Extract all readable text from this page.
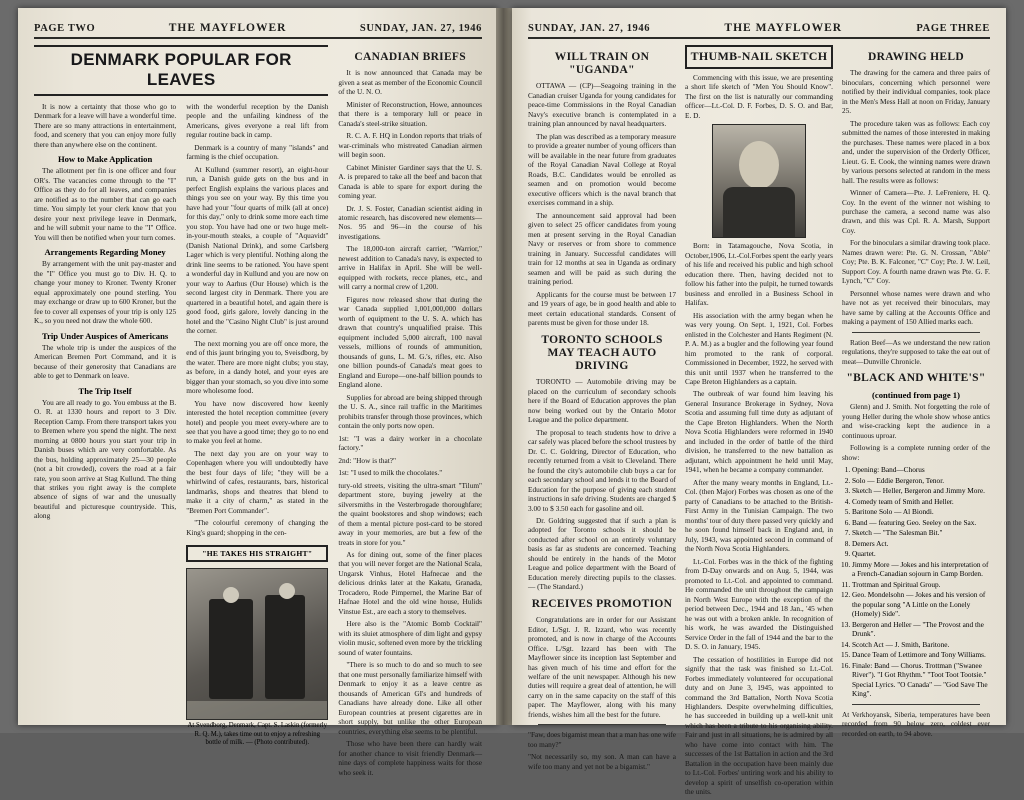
PAGE TWO	THE MAYFLOWER	SUNDAY, JAN. 27, 1946
DENMARK POPULAR FOR LEAVES

It is now a certainty that those who go to Denmark for a leave will have a wonderful time. There are so many attractions in entertainment, food, and scenery that you can enjoy more fully there than anywhere else on the continent.

How to Make Application

The allotment per fin is one officer and four OR's. The vacancies come through to the "I" Office as they do for all leaves, and companies are notified as to the number that can go each time. You simply let your clerk know that you desire your next privilege leave in Denmark, and he will submit your name to the "I" Office. You will then be notified when your turn comes.

Arrangements Regarding Money

By arrangement with the unit pay-master and the "I" Office you must go to Div. H. Q. to change your money to Kroner. Twenty Kroner equal approximately one pound sterling. You may exchange or draw up to 600 Kroner, but the fee to cover all expenses of your trip is only 125 K., so you need not draw the whole 600.

Trip Under Auspices of Americans

The whole trip is under the auspices of the American Bremen Port Command, and it is because of their generosity that Canadians are able to get to Denmark on leave.

The Trip Itself

You are all ready to go. You embuss at the B. O. R. at 1330 hours and report to 3 Div. Reception Camp. From there transport takes you to Bremen where you spend the night. The next morning at 0800 hours you start your trip in Danish buses which are very comfortable. As the bus, holding approximately 25—30 people (not a bit crowded), covers the road at a fair rate, you soon arrive at Stag Kullund. The thing that strikes you right away is the complete absence of signs of war and the unusually beautiful and picturesque countryside. This, along

with the wonderful reception by the Danish people and the unfailing kindness of the Americans, gives everyone a real lift from regular routine back in camp.

Denmark is a country of many "islands" and farming is the chief occupation.

At Kullund (summer resort), an eight-hour run, a Danish guide gets on the bus and in perfect English explains the various places and things you see on your way. By this time you have had your "four quarts of milk (all at once) for this day," only to drink some more each time you stop. You have had one or two huge melt-in-your-mouth steaks, a couple of "Aquavidt" (Danish National Drink), and some Carlsberg Lager which is very plentiful. Nothing along the drink line seems to be rationed. You have spent a wonderful day in Kullund and you are now on your way to Aarhus (Our House) which is the second largest city in Denmark. There you are quartered in a beautiful hotel, and again there is good food, girls galore, lovely dancing in the hotel and the "Casino Night Club" is just around the corner.

The next morning you are off once more, the end of this jaunt bringing you to, Sveisdborg, by the water. There are more night clubs; you stay, as before, in a dandy hotel, and your eyes are bigger than your stomach, so you dive into some more wholesome food.

You have now discovered how keenly interested the hotel reception committee (every hotel) and people you meet every-where are to see that you have a good time; they go to no end to make you feel at home.

The next day you are on your way to Copenhagen where you will undoubtedly have the best four days of life; "they will be a whirlwind of cafes, restaurants, bars, historical landmarks, shops and theatres that blend to make it a city of charm," as stated in the "Bremen Port Commander".

"The colourful ceremony of changing the King's guard; shopping in the cen-

"HE TAKES HIS STRAIGHT"

At Svendborg, Denmark, Capt. S. Laskin (formerly R. Q. M.), takes time out to enjoy a refreshing bottle of milk. — (Photo contributed).

CANADIAN BRIEFS

It is now announced that Canada may be given a seat as member of the Economic Council of the U. N. O.

Minister of Reconstruction, Howe, announces that there is a temporary lull or peace in Canada's steel-strike situation.

R. C. A. F. HQ in London reports that trials of war-criminals who mistreated Canadian airmen will begin soon.

Cabinet Minister Gardiner says that the U. S. A. is prepared to take all the beef and bacon that Canada is able to spare for export during the coming year.

Dr. J. S. Foster, Canadian scientist aiding in atomic research, has discovered new elements—Nos. 95 and 96—in the course of his investigations.

The 18,000-ton aircraft carrier, "Warrior," newest addition to Canada's navy, is expected to arrive in Halifax in April. She will be well-equipped with rockets, recce planes, etc., and will carry a normal crew of 1,200.

Figures now released show that during the war Canada supplied 1,001,000,000 dollars worth of equipment to the U. S. A. which has drawn that country's unqualified praise. This equipment included 5,000 aircraft, 100 naval vessels, millions of rounds of ammunition, thousands of guns, L. M. G.'s, rifles, etc. Also one billion pounds-of Canada's meat goes to England and Europe—one-half billion pounds to England alone.

Supplies for abroad are being shipped through the U. S. A., since rail traffic in the Maritimes prohibits transfer through those provinces, which contain the only ports now open.

1st: "I was a dairy worker in a chocolate factory."

2nd: "How is that?"

1st: "I used to milk the chocolates."

tury-old streets, visiting the ultra-smart "Tilum" department store, buying jewelry at the silversmiths in the Vesterbrogade thoroughfare; the quaint bookstores and shop windows; each of them a mental picture post-card to be stored away in your memories, are but a few of the treats in store for you."

As for dining out, some of the finer places that you will never forget are the National Scala, Ungarsk Vinhus, Hotel Hafnecae and the delicious drinks later at the Kakatu, Granada, Trocadero, Rode Pimpernel, the Marine Bar of Hafnae Hotel and the old wine house, Hulids Vinstue Est., are each a story to themselves.

Here also is the "Atomic Bomb Cocktail" with its sluiet atmosphere of dim light and gypsy violin music, softened even more by the trickling sound of water fountains.

"There is so much to do and so much to see that one must personally familiarize himself with Denmark to enjoy it as a leave centre as thousands of American GI's and hundreds of Canadians have already done. Like all other European countries at present cigarettes are in short supply, but unlike the other European countries, everything else seems to be plentiful.

Those who have been there can hardly wait for another chance to visit friendly Denmark—nine days of complete happiness waits for those who seek it.

SUNDAY, JAN. 27, 1946	THE MAYFLOWER	PAGE THREE
WILL TRAIN ON "UGANDA"

OTTAWA — (CP)—Seagoing training in the Canadian cruiser Uganda for young candidates for peace-time Commissions in the Royal Canadian Navy's executive branch is contemplated in a training plan announced by naval headquarters.

The plan was described as a temporary measure to provide a greater number of young officers than will be available in the near future from graduates of the Royal Canadian Naval College at Royal Roads, B.C. Candidates would be enrolled as seamen and on promotion would become executive officers which is the naval branch that exercises command in a ship.

The announcement said approval had been given to select 25 officer candidates from young men at present serving in the Royal Canadian Navy or reserves or from shore to commence training in January. Successful candidates will train for 12 months at sea in Uganda as ordinary seamen and will be paid as such during the training period.

Applicants for the course must be between 17 and 19 years of age, be in good health and able to meet certain educational standards. Consent of parents must be given for those under 18.

TORONTO SCHOOLS MAY TEACH AUTO DRIVING

TORONTO — Automobile driving may be placed on the curriculum of secondary schools here if the Board of Education approves the plan now being worked out by the Ontario Motor League and the police department.

The proposal to teach students how to drive a car safely was placed before the school trustees by Dr. C. C. Goldring, Director of Education, who recently returned from a visit to Cleveland. There he found the city's automobile club buys a car for each secondary school and lends it to the Board of Education for the purpose of giving each student instructions in safe driving. Students are charged $ 3.00 to $ 3.50 each for gasoline and oil.

Dr. Goldring suggested that if such a plan is adopted for Toronto schools it should be conducted after school on an entirely voluntary basis as far as students are concerned. Teaching should be entirely in the hands of the Motor League and police department with the Board of Education merely directing pupils to the classes. — (The Standard.)

RECEIVES PROMOTION

Congratulations are in order for our Assistant Editor, L/Sgt. J. R. Izzard, who was recently promoted, and is now in charge of the Accounts Office. L/Sgt. Izzard has been with The Mayflower since its inception last September and has given much of his time and effort for the welfare of the unit newspaper. Although his new duties will require a great deal of attention, he will carry on in the same capacity on the staff of this paper. The Mayflower, along with his many friends, wishes him all the best for the future.

"Faw, does bigamist mean that a man has one wife too many?"

"Not necessarily so, my son. A man can have a wife too many and yet not be a bigamist."

THUMB-NAIL SKETCH

Commencing with this issue, we are presenting a short life sketch of "Men You Should Know". The first on the list is naturally our commanding officer—Lt.-Col. D. F. Forbes, D. S. O. and Bar, E. D.

Born: in Tatamagouche, Nova Scotia, in October,1906, Lt.-Col.Forbes spent the early years of his life and received his public and high school education there. Then, having decided not to follow his father into the pulpit, he turned towards business and enrolled in a Business School in Halifax.

His association with the army began when he was very young. On Sept. 1, 1921, Col. Forbes enlisted in the Colchester and Hants Regiment (N. P. A. M.) as a bugler and the following year found him promoted to the rank of corporal. Commissioned in December, 1922, he served with this unit until 1937 when he transferred to the Cape Breton Highlanders as a captain.

The outbreak of war found him leaving his General Insurance Brokerage in Sydney, Nova Scotia and assuming full time duty as adjutant of the Cape Breton Highlanders. When the North Nova Scotia Highlanders were reformed in 1940 and included in the order of battle of the third division, he transferred to the new battalion as adjutant, which appointment he held until May, 1941, when he became a company commander.

After the many weary months in England, Lt.-Col. (then Major) Forbes was chosen as one of the party of Canadians to be attached to the British-First Army in the Tunisian Campaign. The two months' tour of duty there passed very quickly and he soon found himself back in England and, in July, 1943, was appointed second in command of the North Nova Scotia Highlanders.

Lt.-Col. Forbes was in the thick of the fighting from D-Day onwards and on Aug. 5, 1944, was promoted to Lt.-Col. and appointed to command. He commanded the unit throughout the campaign in North West Europe with the exception of the period between Dec., 1944 and 18 Jan., '45 when he was out with a broken ankle. In recognition of his work, he was awarded the Distinguished Service Order in the fall of 1944 and the bar to the D. S. O. in January, 1945.

The cessation of hostilities in Europe did not signify that the task was finished so Lt.-Col. Forbes immediately volunteered for occupational duty and on June 3, 1945, was appointed to command the 3rd Battalion, North Nova Scotia Highlanders. Despite overwhelming difficulties, he has succeeded in building up a well-knit unit which has been a tribute to his organising ability. Fair and just in all situations, he is admired by all who have come into contact with him. The successes of the 1st Battalion in action and the 3rd Battalion in the occupation have been mainly due to Lt.-Col. Forbes' untiring work and his ability to develop a spirit of unselfish co-operation within the units.

DRAWING HELD

The drawing for the camera and three pairs of binoculars, concerning which personnel were notified by their individual companies, took place in the Men's Mess Hall at noon on Friday, January 25.

The procedure taken was as follows: Each coy submitted the names of those interested in making the purchases. These names were placed in a box and, under the supervision of the Orderly Officer, Lieut. G. E. Cook, the winning names were drawn by various persons selected at random in the mess hall. The results were as follows:

Winner of Camera—Pte. J. LeFreniere, H. Q. Coy. In the event of the winner not wishing to purchase the camera, a second name was also drawn, and this was Cpl. R. A. Marsh, Support Coy.

For the binoculars a similar drawing took place. Names drawn were: Pte. G. N. Crossan, "Able" Coy; Pte. B. K. Falconer, "C" Coy; Pte. J. W. Leil, Support Coy. A fourth name drawn was Pte. G. F. Lynch, "C" Coy.

Personnel whose names were drawn and who have not as yet received their binoculars, may have same by calling at the Accounts Office and making a payment of 150 Allied marks each.

Ration Beef—As we understand the new ration regulations, they're supposed to take the eat out of meat—Dunville Chronicle.

"BLACK AND WHITE'S"
(continued from page 1)

Glenn) and J. Smith. Not forgetting the role of young Heller during the whole show whose antics and wise-cracking kept the audience in a continuous uproar.

Following is a complete running order of the show:

1. Opening: Band—Chorus
2. Solo — Eddie Bergeron, Tenor.
3. Sketch — Heller, Bergeron and Jimmy More.
4. Comedy team of Smith and Heller.
5. Baritone Solo — Al Biondi.
6. Band — featuring Geo. Seeley on the Sax.
7. Sketch — "The Salesman Bit."
8. Demers Act.
9. Quartet.
10. Jimmy More — Jokes and his interpretation of a French-Canadian sojourn in Camp Borden.
11. Trottman and Spiritual Group.
12. Geo. Mondelsohn — Jokes and his version of the popular song "A Little on the Lonely (Homely) Side".
13. Bergeron and Heller — "The Provost and the Drunk".
14. Scotch Act — J. Smith, Baritone.
15. Dance Team of Lettimore and Tony Williams.
16. Finale: Band — Chorus. Trottman ("Swanee River"). "I Got Rhythm." "Toot Toot Tootsie." Special Lyrics. "O Canada" — "God Save The King".

At Verkhoyansk, Siberia, temperatures have been recorded from 90 below zero, coldest ever recorded on earth, to 94 above.
